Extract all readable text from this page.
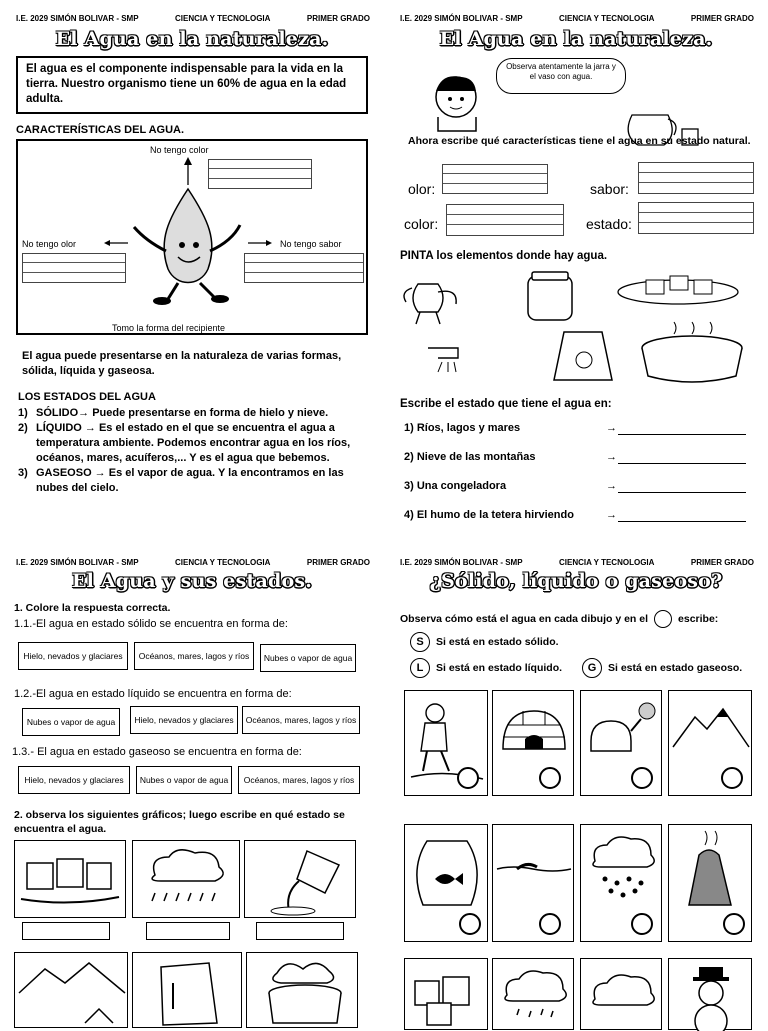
I.E. 2029 SIMÓN BOLIVAR - SMP	CIENCIA Y TECNOLOGIA	PRIMER GRADO
El Agua en la naturaleza.
El agua es el componente indispensable para la vida en la tierra. Nuestro organismo tiene un 60% de agua en la edad adulta.
CARACTERÍSTICAS DEL AGUA.
No tengo color
No tengo olor	No tengo sabor
Tomo la forma del recipiente
El agua puede presentarse en la naturaleza de varias formas, sólida, líquida y gaseosa.
LOS ESTADOS DEL AGUA
1) SÓLIDO→ Puede presentarse en forma de hielo y nieve.
2) LÍQUIDO → Es el estado en el que se encuentra el agua a temperatura ambiente. Podemos encontrar agua en los ríos, océanos, mares, acuíferos,... Y es el agua que bebemos.
3) GASEOSO → Es el vapor de agua. Y la encontramos en las nubes del cielo.
I.E. 2029 SIMÓN BOLIVAR - SMP	CIENCIA Y TECNOLOGIA	PRIMER GRADO
El Agua en la naturaleza.
Observa atentamente la jarra y el vaso con agua.
Ahora escribe qué características tiene el agua en su estado natural.
olor:	sabor:
color:	estado:
PINTA los elementos donde hay agua.
Escribe el estado que tiene el agua en:
1) Ríos, lagos y mares	→
2) Nieve de las montañas	→
3) Una congeladora	→
4) El humo de la tetera hirviendo	→
I.E. 2029 SIMÓN BOLIVAR - SMP	CIENCIA Y TECNOLOGIA	PRIMER GRADO
El Agua y sus estados.
1. Colore la respuesta correcta.
1.1.-El agua en estado sólido se encuentra en forma de:
Hielo, nevados y glaciares	Océanos, mares, lagos y ríos	Nubes o vapor de agua
1.2.-El agua en estado líquido se encuentra en forma de:
Nubes o vapor de agua	Hielo, nevados y glaciares	Océanos, mares, lagos y ríos
1.3.- El agua en estado gaseoso se encuentra en forma de:
Hielo, nevados y glaciares	Nubes o vapor de agua	Océanos, mares, lagos y ríos
2. observa los siguientes gráficos; luego escribe en qué estado se encuentra el agua.
I.E. 2029 SIMÓN BOLIVAR - SMP	CIENCIA Y TECNOLOGIA	PRIMER GRADO
¿Sólido, líquido o gaseoso?
Observa cómo está el agua en cada dibujo y en el	escribe:
S	Si está en estado sólido.
L	Si está en estado líquido.	G	Si está en estado gaseoso.
